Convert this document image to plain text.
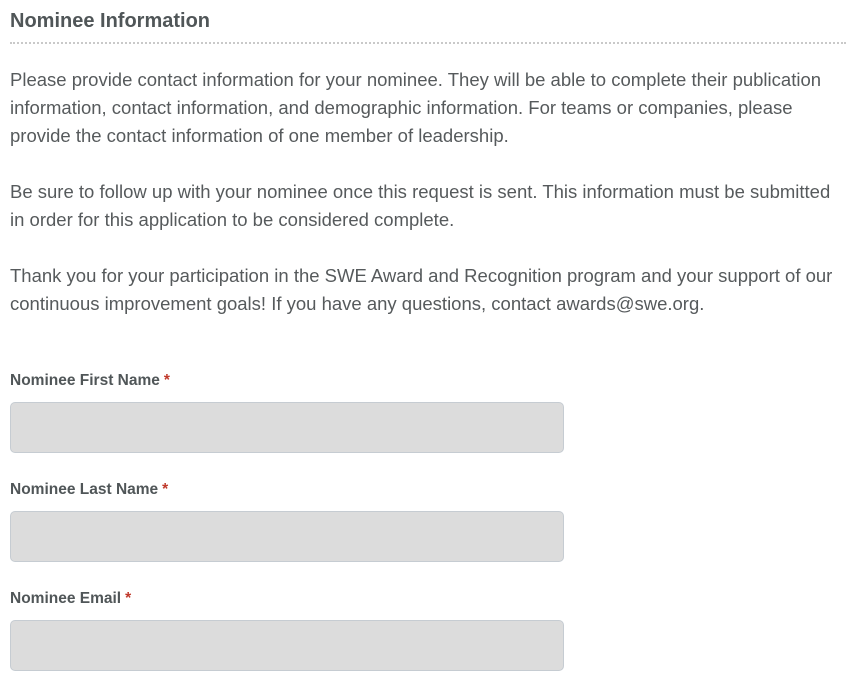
Nominee Information

Please provide contact information for your nominee. They will be able to complete their publication information, contact information, and demographic information. For teams or companies, please provide the contact information of one member of leadership.

Be sure to follow up with your nominee once this request is sent. This information must be submitted in order for this application to be considered complete.

Thank you for your participation in the SWE Award and Recognition program and your support of our continuous improvement goals! If you have any questions, contact awards@swe.org.

Nominee First Name *
Nominee Last Name *
Nominee Email *
